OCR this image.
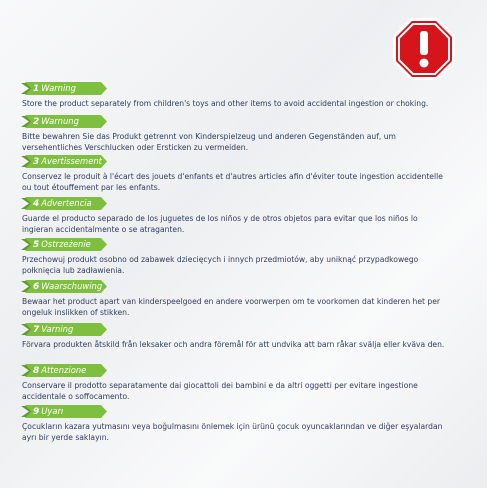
1 Warning

Store the product separately from children's toys and other items to avoid accidental ingestion or choking.

2 Warnung

Bitte bewahren Sie das Produkt getrennt von Kinderspielzeug und anderen Gegenständen auf, um versehentliches Verschlucken oder Ersticken zu vermeiden.

3 Avertissement

Conservez le produit à l'écart des jouets d'enfants et d'autres articles afin d'éviter toute ingestion accidentelle ou tout étouffement par les enfants.

4 Advertencia

Guarde el producto separado de los juguetes de los niños y de otros objetos para evitar que los niños lo ingieran accidentalmente o se atraganten.

5 Ostrzeżenie

Przechowuj produkt osobno od zabawek dziecięcych i innych przedmiotów, aby uniknąć przypadkowego połknięcia lub zadławienia.

6 Waarschuwing

Bewaar het product apart van kinderspeelgoed en andere voorwerpen om te voorkomen dat kinderen het per ongeluk inslikken of stikken.

7 Varning

Förvara produkten åtskild från leksaker och andra föremål för att undvika att barn råkar svälja eller kväva den.

8 Attenzione

Conservare il prodotto separatamente dai giocattoli dei bambini e da altri oggetti per evitare ingestione accidentale o soffocamento.

9 Uyarı

Çocukların kazara yutmasını veya boğulmasını önlemek için ürünü çocuk oyuncaklarından ve diğer eşyalardan ayrı bir yerde saklayın.
